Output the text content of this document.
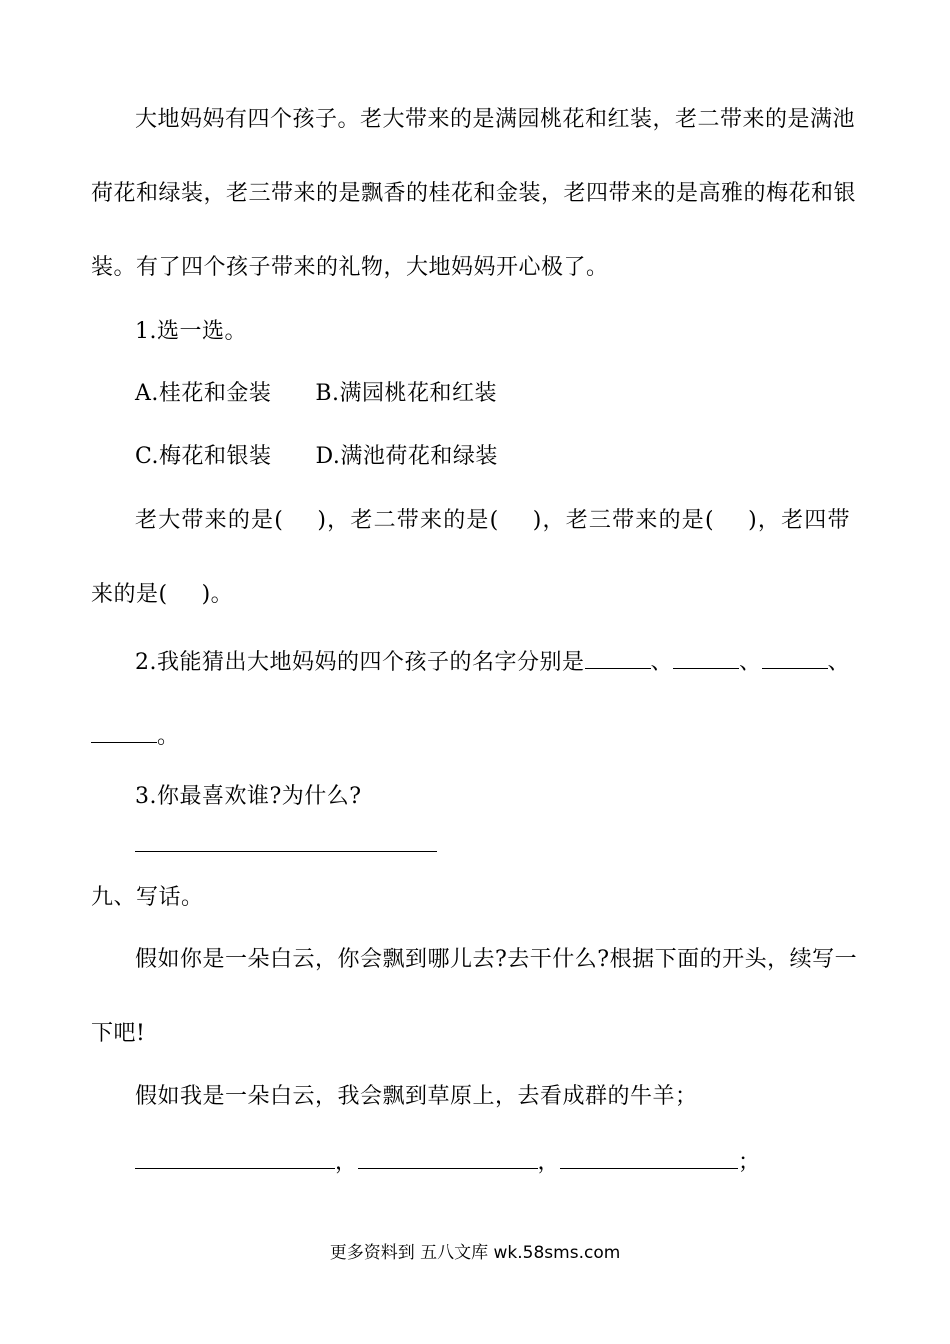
大地妈妈有四个孩子。老大带来的是满园桃花和红装，老二带来的是满池
荷花和绿装，老三带来的是飘香的桂花和金装，老四带来的是高雅的梅花和银
装。有了四个孩子带来的礼物，大地妈妈开心极了。
1.选一选。
A.桂花和金装 B.满园桃花和红装
C.梅花和银装 D.满池荷花和绿装
老大带来的是( )，老二带来的是( )，老三带来的是( )，老四带
来的是( )。
2.我能猜出大地妈妈的四个孩子的名字分别是	、	、	、
。
3.你最喜欢谁?为什么?
九、写话。
假如你是一朵白云，你会飘到哪儿去?去干什么?根据下面的开头，续写一
下吧!
假如我是一朵白云，我会飘到草原上，去看成群的牛羊；
，	，	；
更多资料到 五八文库 wk.58sms.com
